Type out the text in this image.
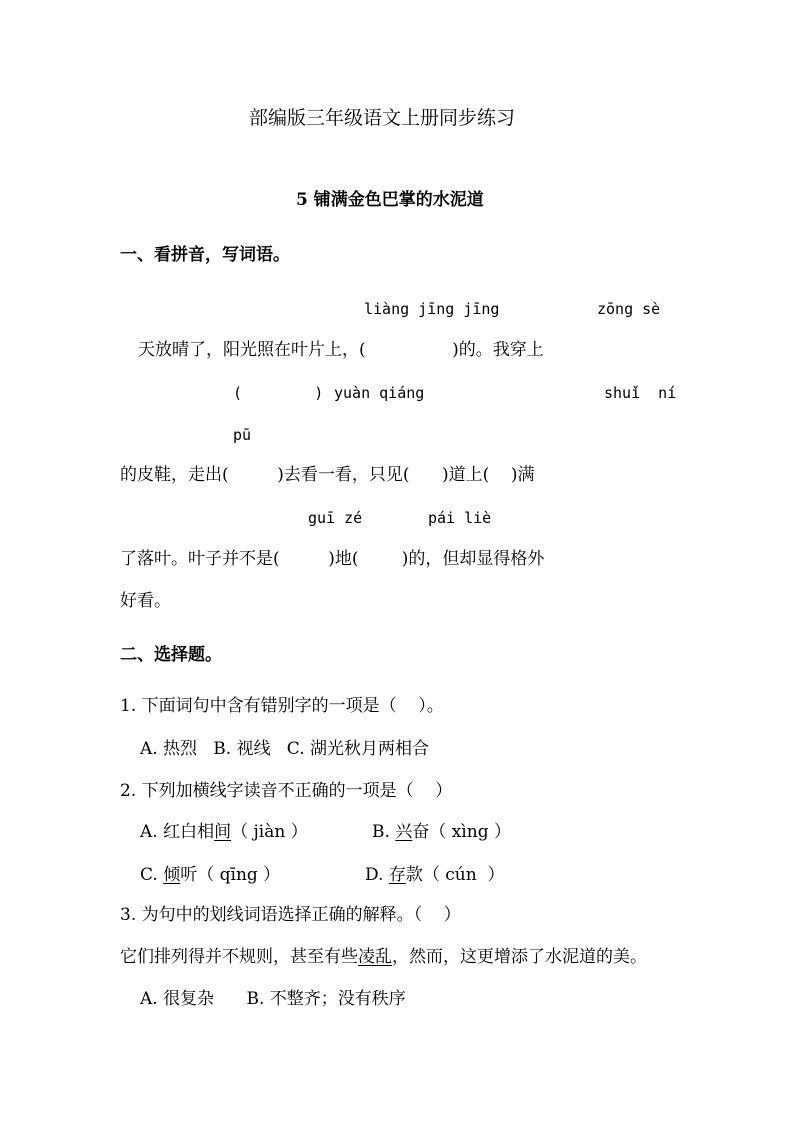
部编版三年级语文上册同步练习
5 铺满金色巴掌的水泥道
一、看拼音，写词语。
liàng jīng jīng	zōng sè
天放晴了，阳光照在叶片上，(                )的。我穿上
(        ) yuàn qiáng	shuǐ  ní
pū
的皮鞋，走出(         )去看一看，只见(      )道上(    )满
guī zé	pái liè
了落叶。叶子并不是(         )地(        )的，但却显得格外
好看。
二、选择题。
1. 下面词句中含有错别字的一项是（    ）。
A. 热烈   B. 视线   C. 湖光秋月两相合
2. 下列加横线字读音不正确的一项是（    ）
A. 红白相间（ jiàn ）	B. 兴奋（ xìng ）
C. 倾听（ qīng ）	D. 存款（ cún  ）
3. 为句中的划线词语选择正确的解释。（    ）
它们排列得并不规则，甚至有些凌乱，然而，这更增添了水泥道的美。
A. 很复杂      B. 不整齐；没有秩序
